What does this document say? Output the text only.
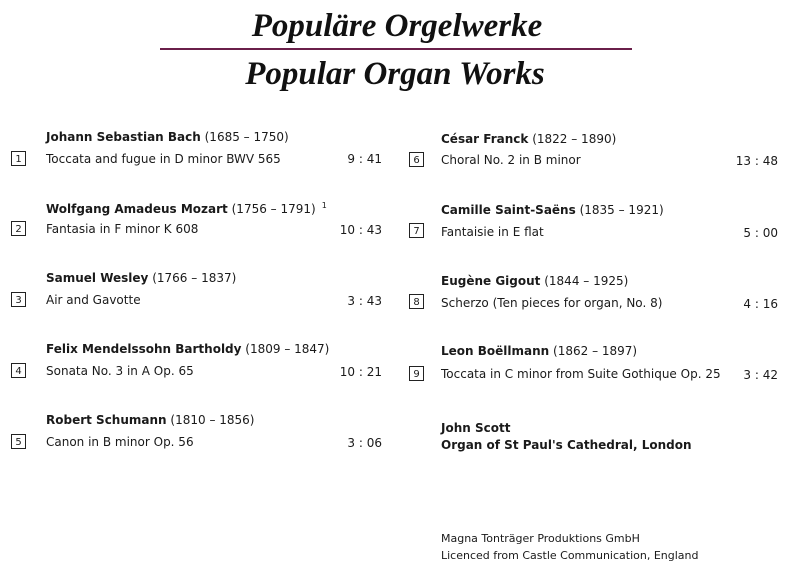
Populäre Orgelwerke
Popular Organ Works
Johann Sebastian Bach (1685 – 1750)
1	Toccata and fugue in D minor BWV 565	9 : 41
Wolfgang Amadeus Mozart (1756 – 1791) $^1$
2	Fantasia in F minor K 608	10 : 43
Samuel Wesley (1766 – 1837)
3	Air and Gavotte	3 : 43
Felix Mendelssohn Bartholdy (1809 – 1847)
4	Sonata No. 3 in A Op. 65	10 : 21
Robert Schumann (1810 – 1856)
5	Canon in B minor Op. 56	3 : 06
César Franck (1822 – 1890)
6	Choral No. 2 in B minor	13 : 48
Camille Saint-Saëns (1835 – 1921)
7	Fantaisie in E flat	5 : 00
Eugène Gigout (1844 – 1925)
8	Scherzo (Ten pieces for organ, No. 8)	4 : 16
Leon Boëllmann (1862 – 1897)
9	Toccata in C minor from Suite Gothique Op. 25	3 : 42
John Scott
Organ of St Paul's Cathedral, London
Magna Tonträger Produktions GmbH
Licenced from Castle Communication, England
